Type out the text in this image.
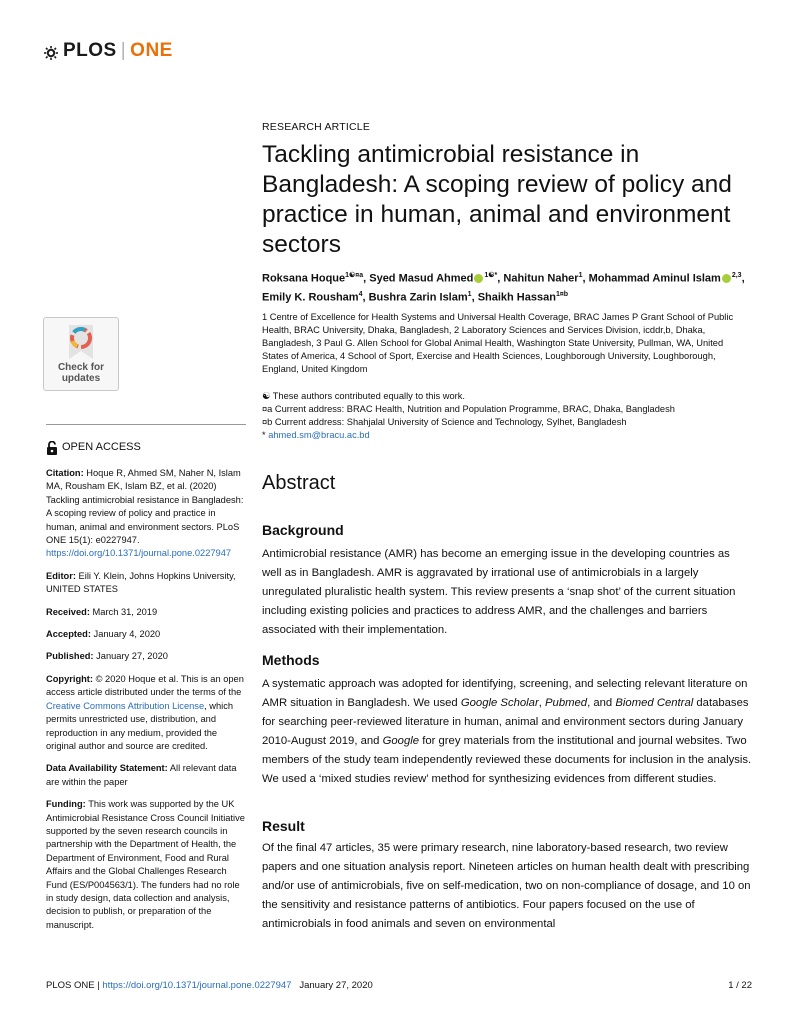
PLOS | ONE
Check for updates
OPEN ACCESS

Citation: Hoque R, Ahmed SM, Naher N, Islam MA, Rousham EK, Islam BZ, et al. (2020) Tackling antimicrobial resistance in Bangladesh: A scoping review of policy and practice in human, animal and environment sectors. PLoS ONE 15(1): e0227947. https://doi.org/10.1371/journal.pone.0227947

Editor: Eili Y. Klein, Johns Hopkins University, UNITED STATES

Received: March 31, 2019

Accepted: January 4, 2020

Published: January 27, 2020

Copyright: © 2020 Hoque et al. This is an open access article distributed under the terms of the Creative Commons Attribution License, which permits unrestricted use, distribution, and reproduction in any medium, provided the original author and source are credited.

Data Availability Statement: All relevant data are within the paper

Funding: This work was supported by the UK Antimicrobial Resistance Cross Council Initiative supported by the seven research councils in partnership with the Department of Health, the Department of Environment, Food and Rural Affairs and the Global Challenges Research Fund (ES/P004563/1). The funders had no role in study design, data collection and analysis, decision to publish, or preparation of the manuscript.

RESEARCH ARTICLE
Tackling antimicrobial resistance in Bangladesh: A scoping review of policy and practice in human, animal and environment sectors
Roksana Hoque$^{1☯¤a}$, Syed Masud Ahmed $^{1☯*}$, Nahitun Naher$^1$, Mohammad Aminul Islam $^{2,3}$, Emily K. Rousham$^4$, Bushra Zarin Islam$^1$, Shaikh Hassan$^{1¤b}$
1 Centre of Excellence for Health Systems and Universal Health Coverage, BRAC James P Grant School of Public Health, BRAC University, Dhaka, Bangladesh, 2 Laboratory Sciences and Services Division, icddr,b, Dhaka, Bangladesh, 3 Paul G. Allen School for Global Animal Health, Washington State University, Pullman, WA, United States of America, 4 School of Sport, Exercise and Health Sciences, Loughborough University, Loughborough, England, United Kingdom
☯ These authors contributed equally to this work.
¤a Current address: BRAC Health, Nutrition and Population Programme, BRAC, Dhaka, Bangladesh
¤b Current address: Shahjalal University of Science and Technology, Sylhet, Bangladesh
* ahmed.sm@bracu.ac.bd
Abstract
Background
Antimicrobial resistance (AMR) has become an emerging issue in the developing countries as well as in Bangladesh. AMR is aggravated by irrational use of antimicrobials in a largely unregulated pluralistic health system. This review presents a ‘snap shot’ of the current situation including existing policies and practices to address AMR, and the challenges and barriers associated with their implementation.
Methods
A systematic approach was adopted for identifying, screening, and selecting relevant literature on AMR situation in Bangladesh. We used Google Scholar, Pubmed, and Biomed Central databases for searching peer-reviewed literature in human, animal and environment sectors during January 2010-August 2019, and Google for grey materials from the institutional and journal websites. Two members of the study team independently reviewed these documents for inclusion in the analysis. We used a ‘mixed studies review’ method for synthesizing evidences from different studies.
Result
Of the final 47 articles, 35 were primary research, nine laboratory-based research, two review papers and one situation analysis report. Nineteen articles on human health dealt with prescribing and/or use of antimicrobials, five on self-medication, two on non-compliance of dosage, and 10 on the sensitivity and resistance patterns of antibiotics. Four papers focused on the use of antimicrobials in food animals and seven on environmental
PLOS ONE | https://doi.org/10.1371/journal.pone.0227947 January 27, 2020	1 / 22
